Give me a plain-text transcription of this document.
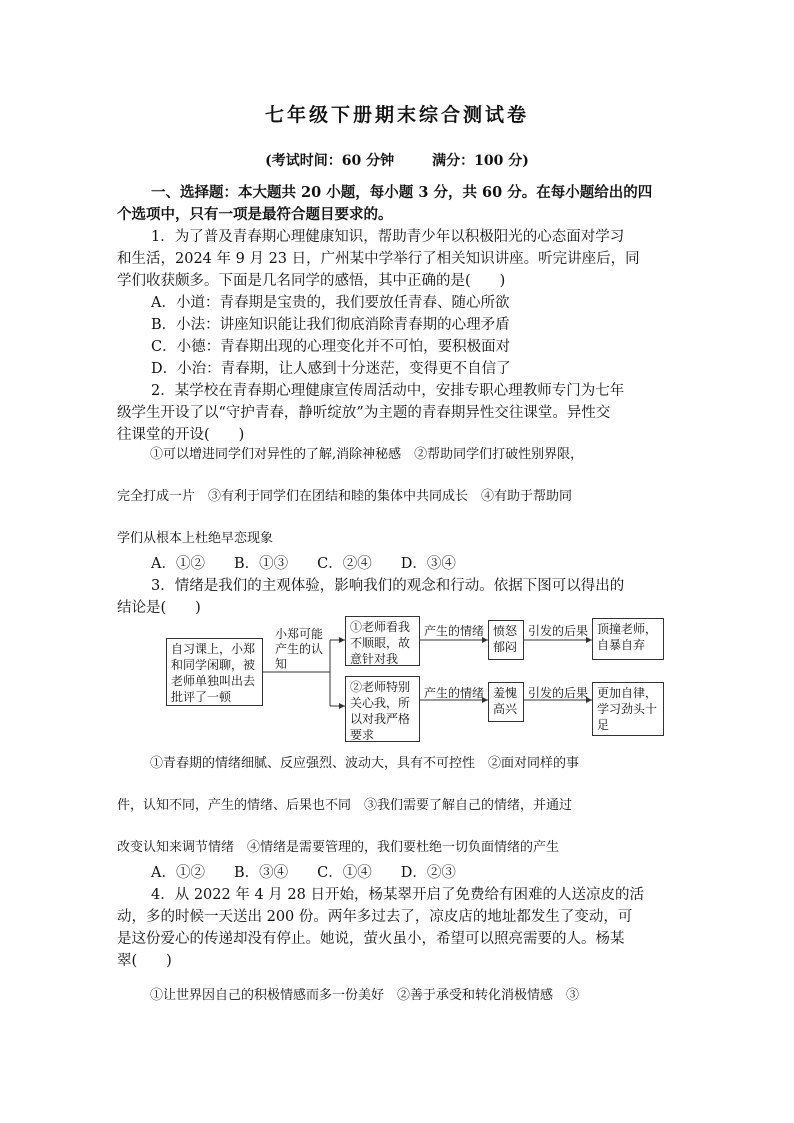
七年级下册期末综合测试卷
(考试时间：60 分钟	满分：100 分)
一、选择题：本大题共 20 小题，每小题 3 分，共 60 分。在每小题给出的四
个选项中，只有一项是最符合题目要求的。
1．为了普及青春期心理健康知识，帮助青少年以积极阳光的心态面对学习
和生活，2024 年 9 月 23 日，广州某中学举行了相关知识讲座。听完讲座后，同
学们收获颇多。下面是几名同学的感悟，其中正确的是(　　)
A．小道：青春期是宝贵的，我们要放任青春、随心所欲
B．小法：讲座知识能让我们彻底消除青春期的心理矛盾
C．小德：青春期出现的心理变化并不可怕，要积极面对
D．小治：青春期，让人感到十分迷茫，变得更不自信了
2．某学校在青春期心理健康宣传周活动中，安排专职心理教师专门为七年
级学生开设了以“守护青春，静听绽放”为主题的青春期异性交往课堂。异性交
往课堂的开设(　　)
①可以增进同学们对异性的了解,消除神秘感　②帮助同学们打破性别界限，
完全打成一片　③有利于同学们在团结和睦的集体中共同成长　④有助于帮助同
学们从根本上杜绝早恋现象
A．①②　　B．①③　　C．②④　　D．③④
3．情绪是我们的主观体验，影响我们的观念和行动。依据下图可以得出的
结论是(　　)
自习课上，小郑和同学闲聊，被老师单独叫出去批评了一顿
小郑可能产生的认知
①老师看我不顺眼，故意针对我
②老师特别关心我，所以对我严格要求
产生的情绪
产生的情绪
愤怒郁闷
羞愧高兴
引发的后果
引发的后果
顶撞老师，自暴自弃
更加自律，学习劲头十足
①青春期的情绪细腻、反应强烈、波动大，具有不可控性　②面对同样的事
件，认知不同，产生的情绪、后果也不同　③我们需要了解自己的情绪，并通过
改变认知来调节情绪　④情绪是需要管理的，我们要杜绝一切负面情绪的产生
A．①②　　B．③④　　C．①④　　D．②③
4．从 2022 年 4 月 28 日开始，杨某翠开启了免费给有困难的人送凉皮的活
动，多的时候一天送出 200 份。两年多过去了，凉皮店的地址都发生了变动，可
是这份爱心的传递却没有停止。她说，萤火虽小，希望可以照亮需要的人。杨某
翠(　　)
①让世界因自己的积极情感而多一份美好　②善于承受和转化消极情感　③
